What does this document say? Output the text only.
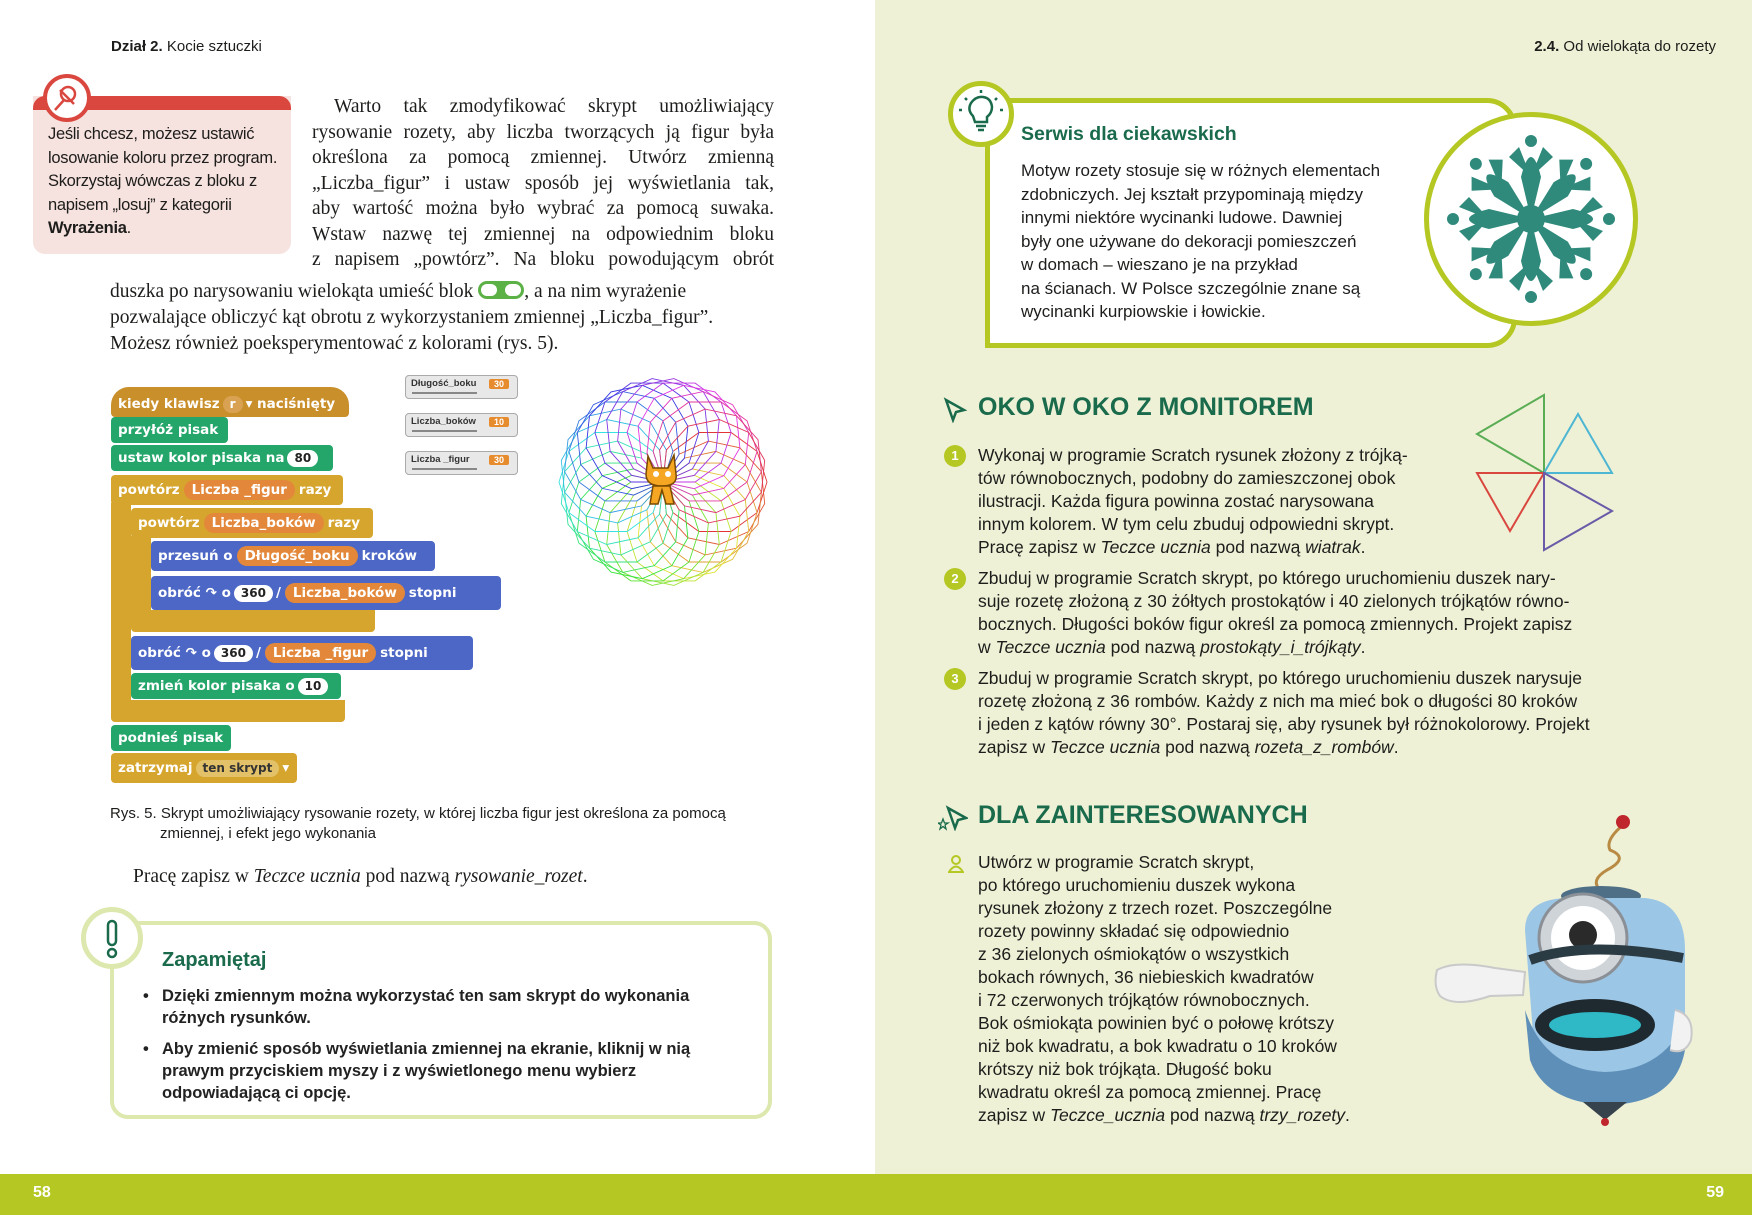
Dział 2. Kocie sztuczki
Jeśli chcesz, możesz ustawić losowanie koloru przez program. Skorzystaj wówczas z bloku z napisem „losuj” z kategorii Wyrażenia.
Warto tak zmodyfikować skrypt umożliwiający
rysowanie rozety, aby liczba tworzących ją figur była
określona za pomocą zmiennej. Utwórz zmienną
„Liczba_figur” i ustaw sposób jej wyświetlania tak,
aby wartość można było wybrać za pomocą suwaka.
Wstaw nazwę tej zmiennej na odpowiednim bloku
z napisem „powtórz”. Na bloku powodującym obrót
duszka po narysowaniu wielokąta umieść blok	, a na nim wyrażenie
pozwalające obliczyć kąt obrotu z wykorzystaniem zmiennej „Liczba_figur”.
Możesz również poeksperymentować z kolorami (rys. 5).
kiedy klawisz r ▾ naciśnięty
przyłóż pisak
ustaw kolor pisaka na 80
powtórz Liczba _figur razy
powtórz Liczba_boków razy
przesuń o Długość_boku kroków
obróć ↷ o 360 / Liczba_boków stopni
obróć ↷ o 360 / Liczba _figur stopni
zmień kolor pisaka o 10
podnieś pisak
zatrzymaj ten skrypt ▾
Długość_boku	30
Liczba_boków	10
Liczba _figur	30
Rys. 5. Skrypt umożliwiający rysowanie rozety, w której liczba figur jest określona za pomocą
zmiennej, i efekt jego wykonania
Pracę zapisz w Teczce ucznia pod nazwą rysowanie_rozet.
Zapamiętaj
• Dzięki zmiennym można wykorzystać ten sam skrypt do wykonania różnych rysunków.
• Aby zmienić sposób wyświetlania zmiennej na ekranie, kliknij w nią prawym przyciskiem myszy i z wyświetlonego menu wybierz odpowiadającą ci opcję.
58
2.4. Od wielokąta do rozety
Serwis dla ciekawskich

Motyw rozety stosuje się w różnych elementach
zdobniczych. Jej kształt przypominają między
innymi niektóre wycinanki ludowe. Dawniej
były one używane do dekoracji pomieszczeń
w domach – wieszano je na przykład
na ścianach. W Polsce szczególnie znane są
wycinanki kurpiowskie i łowickie.

OKO W OKO Z MONITOREM
1	Wykonaj w programie Scratch rysunek złożony z trójką-
tów równobocznych, podobny do zamieszczonej obok
ilustracji. Każda figura powinna zostać narysowana
innym kolorem. W tym celu zbuduj odpowiedni skrypt.
Pracę zapisz w Teczce ucznia pod nazwą wiatrak.
2	Zbuduj w programie Scratch skrypt, po którego uruchomieniu duszek nary-
suje rozetę złożoną z 30 żółtych prostokątów i 40 zielonych trójkątów równo-
bocznych. Długości boków figur określ za pomocą zmiennych. Projekt zapisz
w Teczce ucznia pod nazwą prostokąty_i_trójkąty.
3	Zbuduj w programie Scratch skrypt, po którego uruchomieniu duszek narysuje
rozetę złożoną z 36 rombów. Każdy z nich ma mieć bok o długości 80 kroków
i jeden z kątów równy 30°. Postaraj się, aby rysunek był różnokolorowy. Projekt
zapisz w Teczce ucznia pod nazwą rozeta_z_rombów.
DLA ZAINTERESOWANYCH
Utwórz w programie Scratch skrypt,
po którego uruchomieniu duszek wykona
rysunek złożony z trzech rozet. Poszczególne
rozety powinny składać się odpowiednio
z 36 zielonych ośmiokątów o wszystkich
bokach równych, 36 niebieskich kwadratów
i 72 czerwonych trójkątów równobocznych.
Bok ośmiokąta powinien być o połowę krótszy
niż bok kwadratu, a bok kwadratu o 10 kroków
krótszy niż bok trójkąta. Długość boku
kwadratu określ za pomocą zmiennej. Pracę
zapisz w Teczce_ucznia pod nazwą trzy_rozety.
59
